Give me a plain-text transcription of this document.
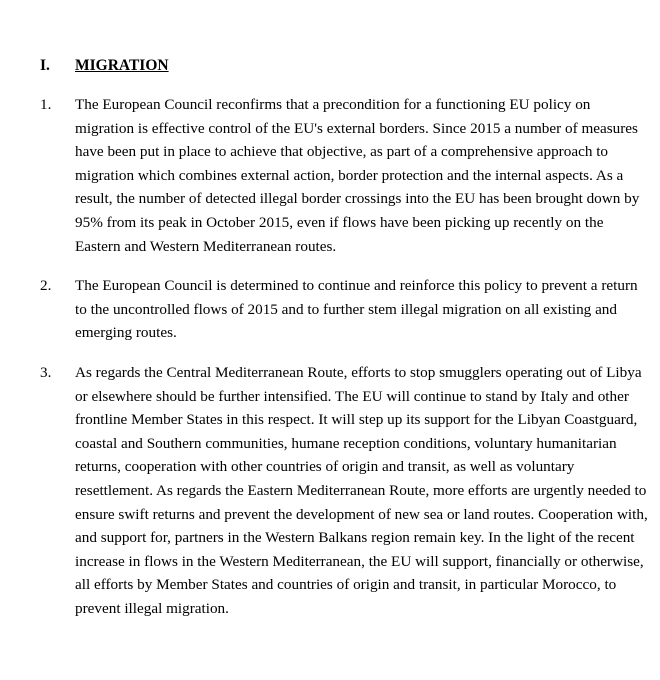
I. MIGRATION
1.	The European Council reconfirms that a precondition for a functioning EU policy on
migration is effective control of the EU's external borders. Since 2015 a number of measures
have been put in place to achieve that objective, as part of a comprehensive approach to
migration which combines external action, border protection and the internal aspects. As a
result, the number of detected illegal border crossings into the EU has been brought down by
95% from its peak in October 2015, even if flows have been picking up recently on the
Eastern and Western Mediterranean routes.
2.	The European Council is determined to continue and reinforce this policy to prevent a return
to the uncontrolled flows of 2015 and to further stem illegal migration on all existing and
emerging routes.
3.	As regards the Central Mediterranean Route, efforts to stop smugglers operating out of Libya
or elsewhere should be further intensified. The EU will continue to stand by Italy and other
frontline Member States in this respect. It will step up its support for the Libyan Coastguard,
coastal and Southern communities, humane reception conditions, voluntary humanitarian
returns, cooperation with other countries of origin and transit, as well as voluntary
resettlement. As regards the Eastern Mediterranean Route, more efforts are urgently needed to
ensure swift returns and prevent the development of new sea or land routes. Cooperation with,
and support for, partners in the Western Balkans region remain key. In the light of the recent
increase in flows in the Western Mediterranean, the EU will support, financially or otherwise,
all efforts by Member States and countries of origin and transit, in particular Morocco, to
prevent illegal migration.
